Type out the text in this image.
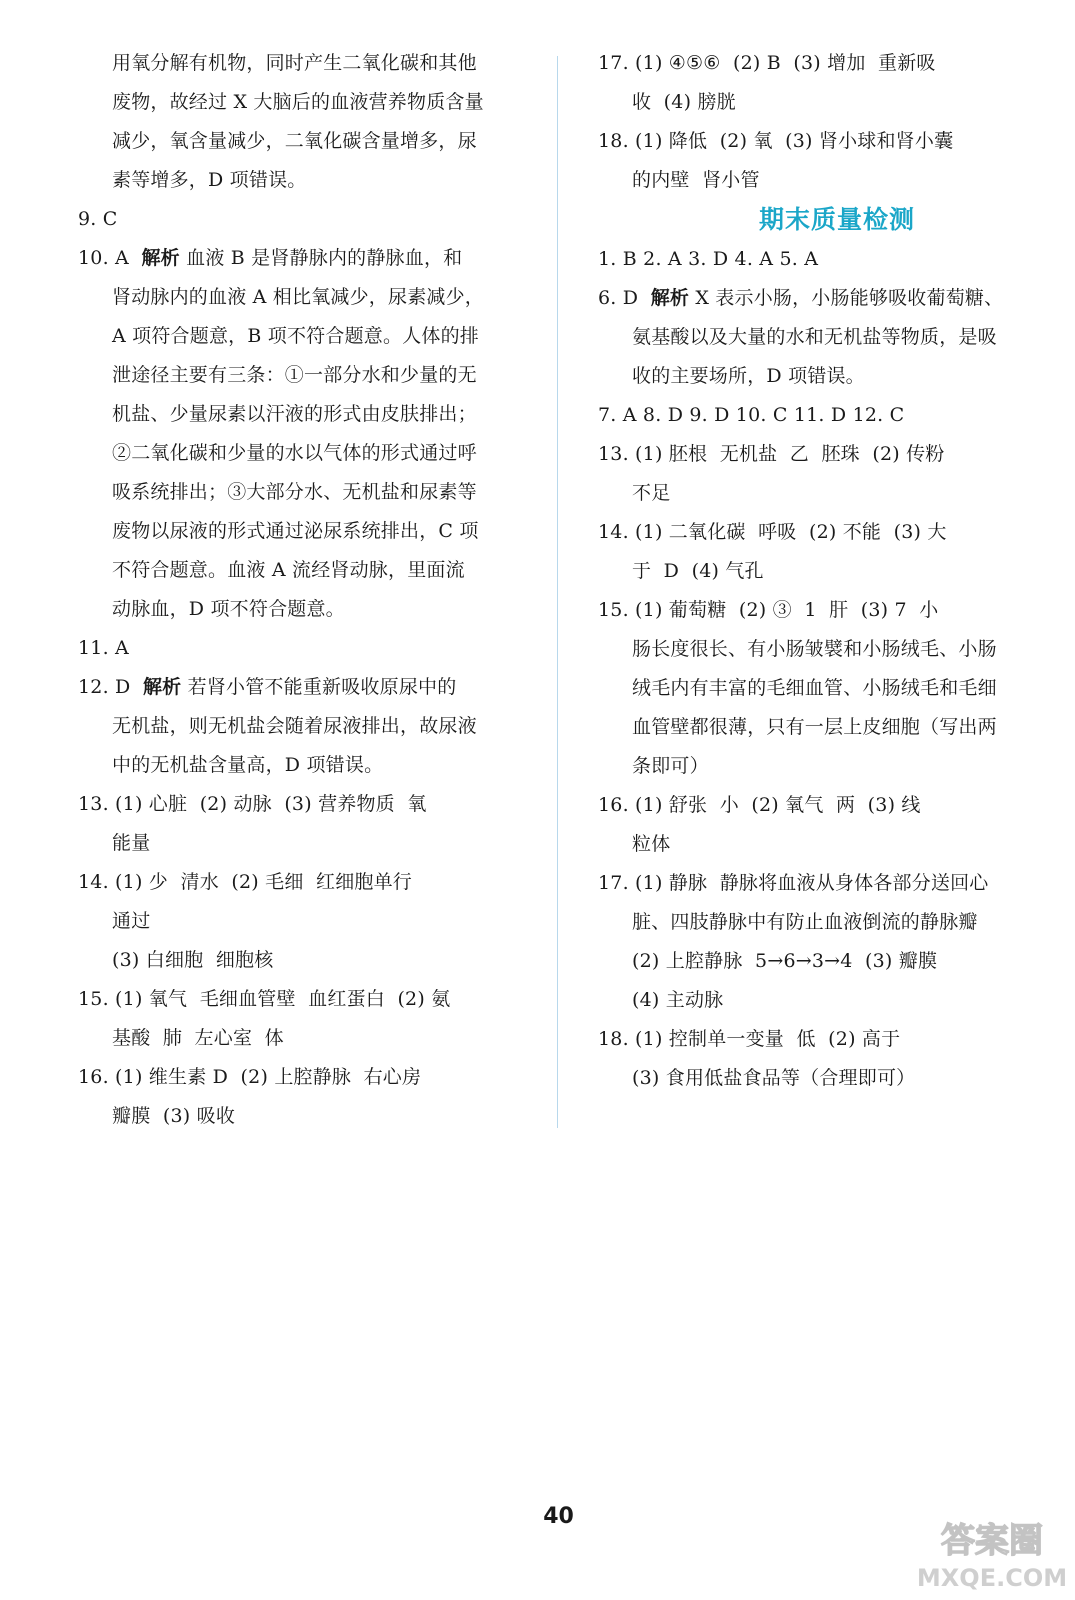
用氧分解有机物，同时产生二氧化碳和其他
废物，故经过 X 大脑后的血液营养物质含量
减少，氧含量减少，二氧化碳含量增多，尿
素等增多，D 项错误。
9. C
10. A  解析 血液 B 是肾静脉内的静脉血，和
肾动脉内的血液 A 相比氧减少，尿素减少，
A 项符合题意，B 项不符合题意。人体的排
泄途径主要有三条：①一部分水和少量的无
机盐、少量尿素以汗液的形式由皮肤排出；
②二氧化碳和少量的水以气体的形式通过呼
吸系统排出；③大部分水、无机盐和尿素等
废物以尿液的形式通过泌尿系统排出，C 项
不符合题意。血液 A 流经肾动脉，里面流
动脉血，D 项不符合题意。
11. A
12. D  解析 若肾小管不能重新吸收原尿中的
无机盐，则无机盐会随着尿液排出，故尿液
中的无机盐含量高，D 项错误。
13. (1) 心脏  (2) 动脉  (3) 营养物质  氧
能量
14. (1) 少  清水  (2) 毛细  红细胞单行
通过
(3) 白细胞  细胞核
15. (1) 氧气  毛细血管壁  血红蛋白  (2) 氨
基酸  肺  左心室  体
16. (1) 维生素 D  (2) 上腔静脉  右心房
瓣膜  (3) 吸收
17. (1) ④⑤⑥  (2) B  (3) 增加  重新吸
收  (4) 膀胱
18. (1) 降低  (2) 氧  (3) 肾小球和肾小囊
的内壁  肾小管
期末质量检测
1. B 2. A 3. D 4. A 5. A
6. D  解析 X 表示小肠，小肠能够吸收葡萄糖、
氨基酸以及大量的水和无机盐等物质，是吸
收的主要场所，D 项错误。
7. A 8. D 9. D 10. C 11. D 12. C
13. (1) 胚根  无机盐  乙  胚珠  (2) 传粉
不足
14. (1) 二氧化碳  呼吸  (2) 不能  (3) 大
于  D  (4) 气孔
15. (1) 葡萄糖  (2) ③  1  肝  (3) 7  小
肠长度很长、有小肠皱襞和小肠绒毛、小肠
绒毛内有丰富的毛细血管、小肠绒毛和毛细
血管壁都很薄，只有一层上皮细胞（写出两
条即可）
16. (1) 舒张  小  (2) 氧气  两  (3) 线
粒体
17. (1) 静脉  静脉将血液从身体各部分送回心
脏、四肢静脉中有防止血液倒流的静脉瓣
(2) 上腔静脉  5→6→3→4  (3) 瓣膜
(4) 主动脉
18. (1) 控制单一变量  低  (2) 高于
(3) 食用低盐食品等（合理即可）
40
答案圈
MXQE.COM
